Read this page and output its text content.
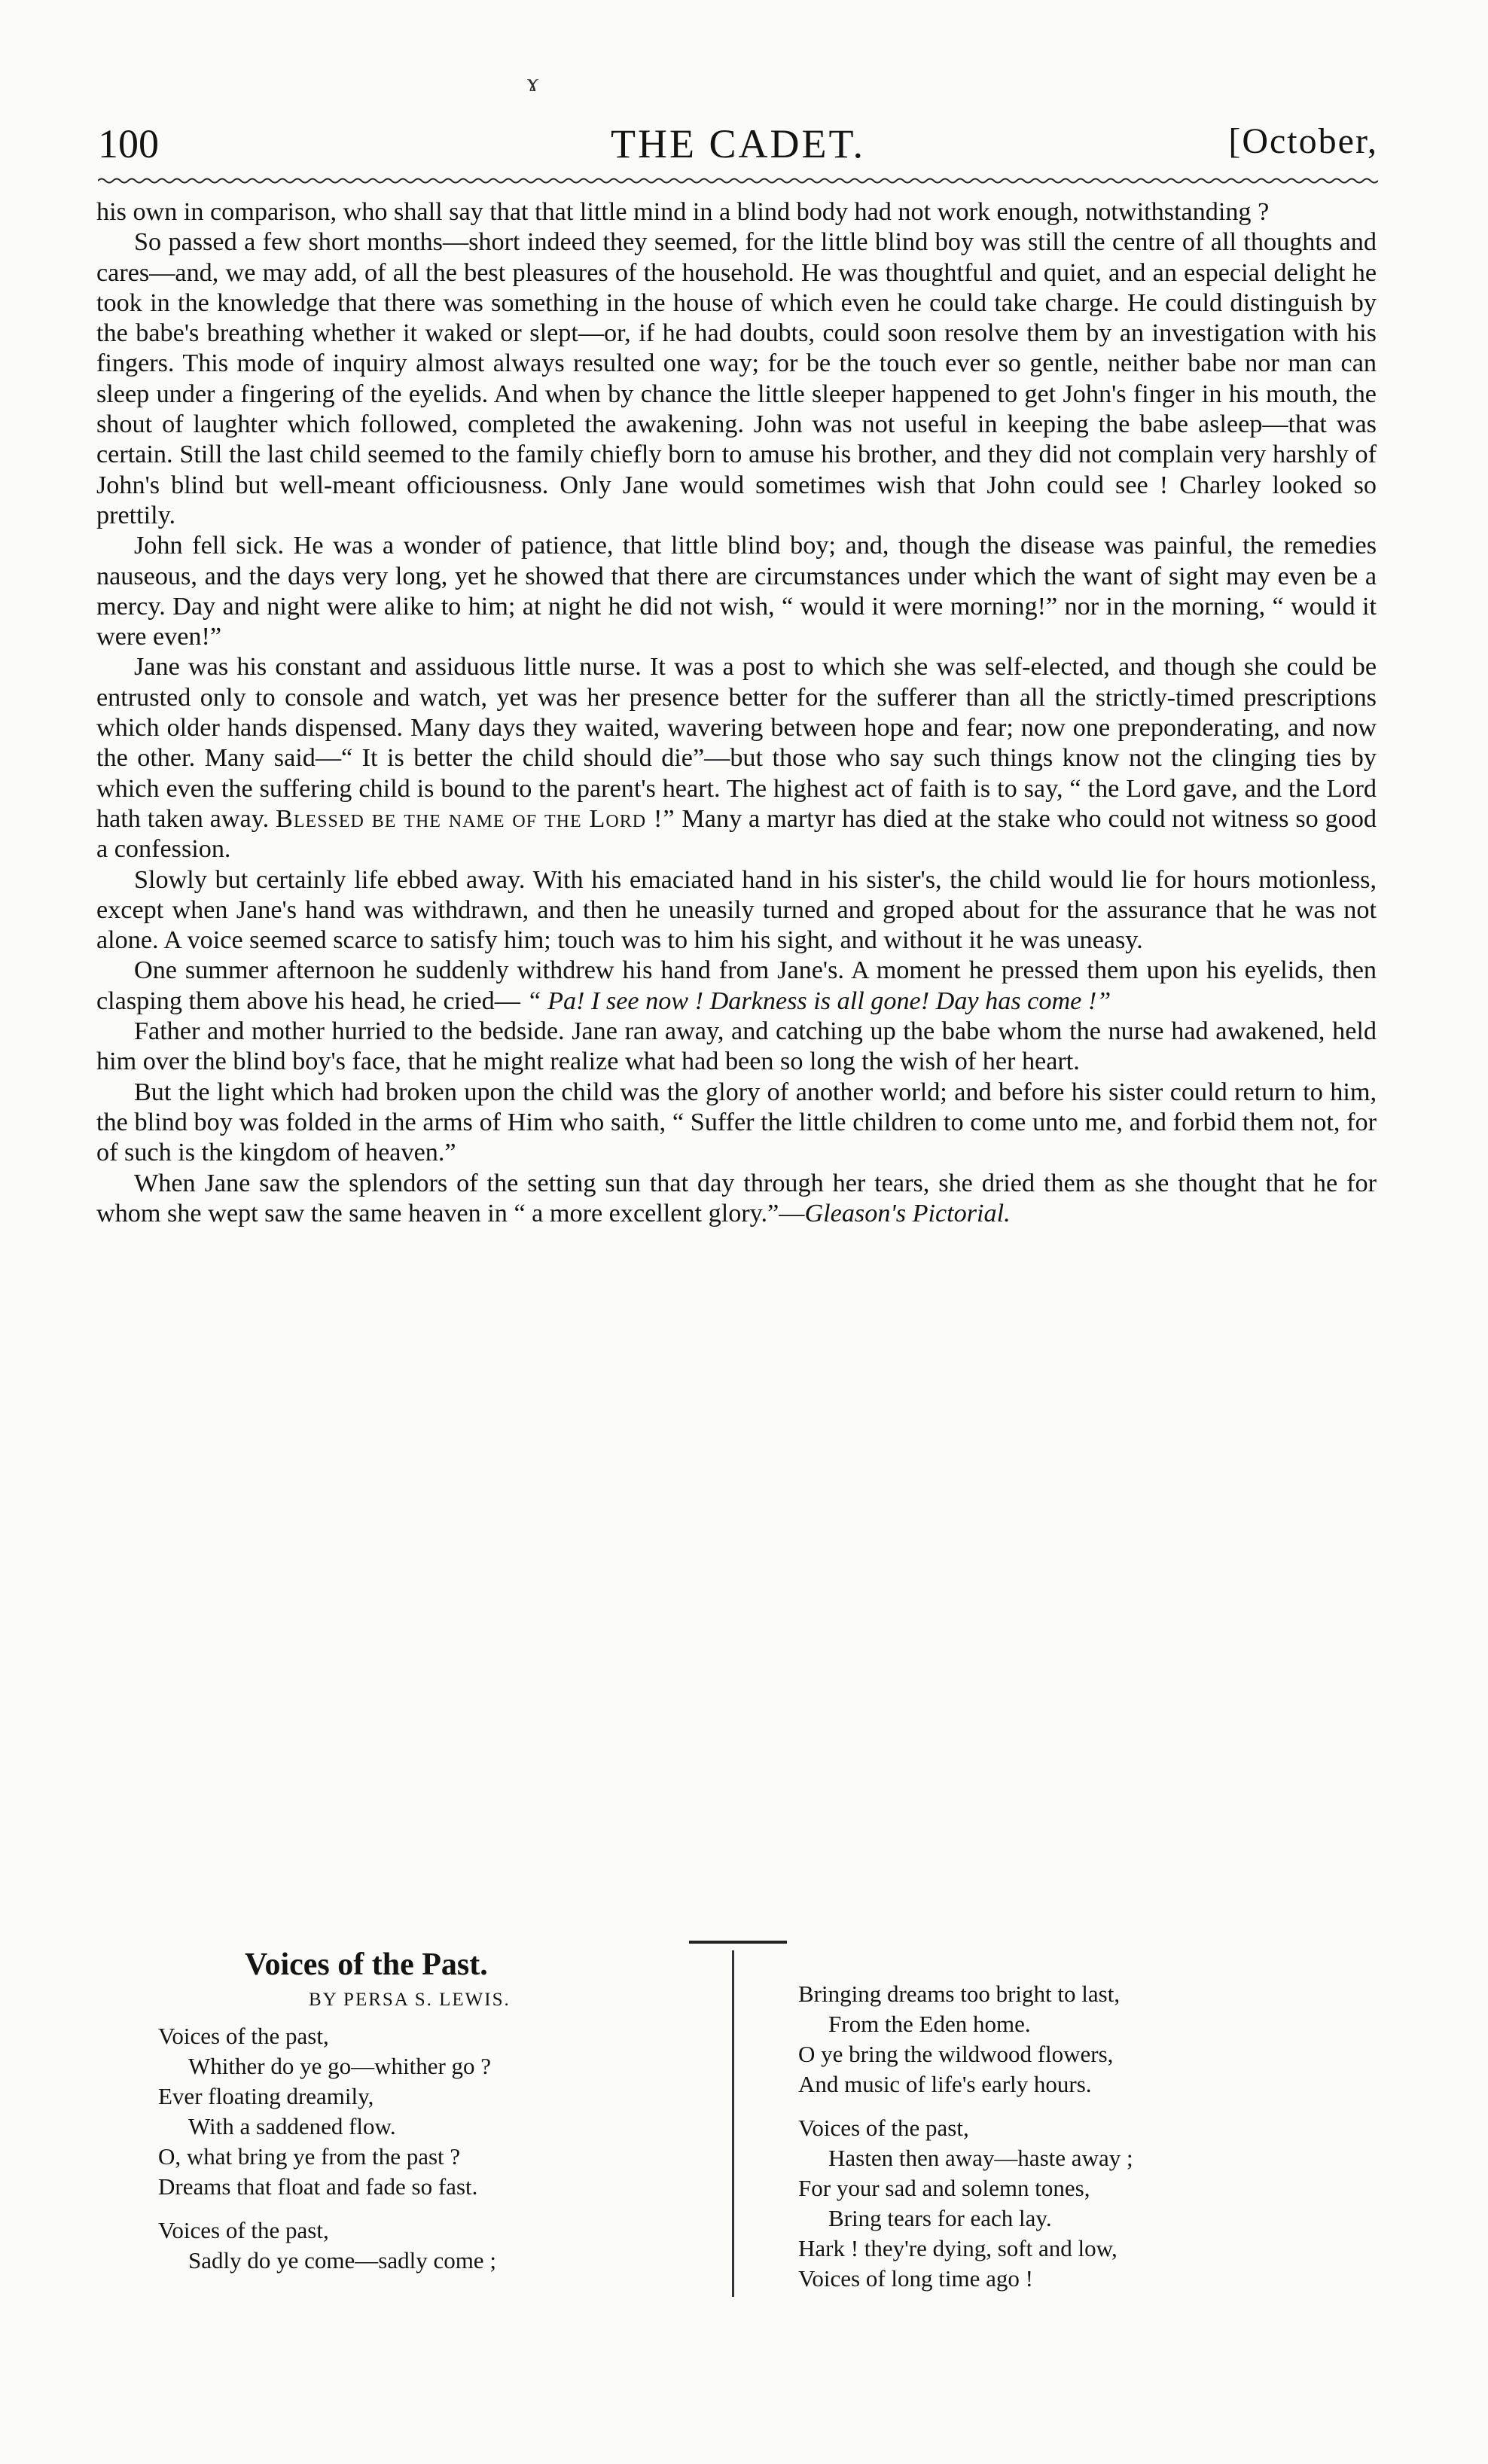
ɤ
100	THE CADET.	[October,

his own in comparison, who shall say that that little mind in a blind body had not work enough, notwithstanding ?

So passed a few short months—short indeed they seemed, for the little blind boy was still the centre of all thoughts and cares—and, we may add, of all the best pleasures of the household. He was thoughtful and quiet, and an especial delight he took in the knowledge that there was something in the house of which even he could take charge. He could distinguish by the babe's breathing whether it waked or slept—or, if he had doubts, could soon resolve them by an investigation with his fingers. This mode of inquiry almost always resulted one way; for be the touch ever so gentle, neither babe nor man can sleep under a fingering of the eyelids. And when by chance the little sleeper happened to get John's finger in his mouth, the shout of laughter which followed, completed the awakening. John was not useful in keeping the babe asleep—that was certain. Still the last child seemed to the family chiefly born to amuse his brother, and they did not complain very harshly of John's blind but well-meant officiousness. Only Jane would sometimes wish that John could see ! Charley looked so prettily.

John fell sick. He was a wonder of patience, that little blind boy; and, though the disease was painful, the remedies nauseous, and the days very long, yet he showed that there are circumstances under which the want of sight may even be a mercy. Day and night were alike to him; at night he did not wish, “ would it were morning!” nor in the morning, “ would it were even!”

Jane was his constant and assiduous little nurse. It was a post to which she was self-elected, and though she could be entrusted only to console and watch, yet was her presence better for the sufferer than all the strictly-timed prescriptions which older hands dispensed. Many days they waited, wavering between hope and fear; now one preponderating, and now the other. Many said—“ It is better the child should die”—but those who say such things know not the clinging ties by which even the suffering child is bound to the parent's heart. The highest act of faith is to say, “ the Lord gave, and the Lord hath taken away. Blessed be the name of the Lord !” Many a martyr has died at the stake who could not witness so good a confession.

Slowly but certainly life ebbed away. With his emaciated hand in his sister's, the child would lie for hours motionless, except when Jane's hand was withdrawn, and then he uneasily turned and groped about for the assurance that he was not alone. A voice seemed scarce to satisfy him; touch was to him his sight, and without it he was uneasy.

One summer afternoon he suddenly withdrew his hand from Jane's. A moment he pressed them upon his eyelids, then clasping them above his head, he cried— “ Pa! I see now ! Darkness is all gone! Day has come !”

Father and mother hurried to the bedside. Jane ran away, and catching up the babe whom the nurse had awakened, held him over the blind boy's face, that he might realize what had been so long the wish of her heart.

But the light which had broken upon the child was the glory of another world; and before his sister could return to him, the blind boy was folded in the arms of Him who saith, “ Suffer the little children to come unto me, and forbid them not, for of such is the kingdom of heaven.”

When Jane saw the splendors of the setting sun that day through her tears, she dried them as she thought that he for whom she wept saw the same heaven in “ a more excellent glory.”—Gleason's Pictorial.

Voices of the Past.
BY PERSA S. LEWIS.
Voices of the past,
Whither do ye go—whither go ?
Ever floating dreamily,
With a saddened flow.
O, what bring ye from the past ?
Dreams that float and fade so fast.
Voices of the past,
Sadly do ye come—sadly come ;
Bringing dreams too bright to last,
From the Eden home.
O ye bring the wildwood flowers,
And music of life's early hours.
Voices of the past,
Hasten then away—haste away ;
For your sad and solemn tones,
Bring tears for each lay.
Hark ! they're dying, soft and low,
Voices of long time ago !
